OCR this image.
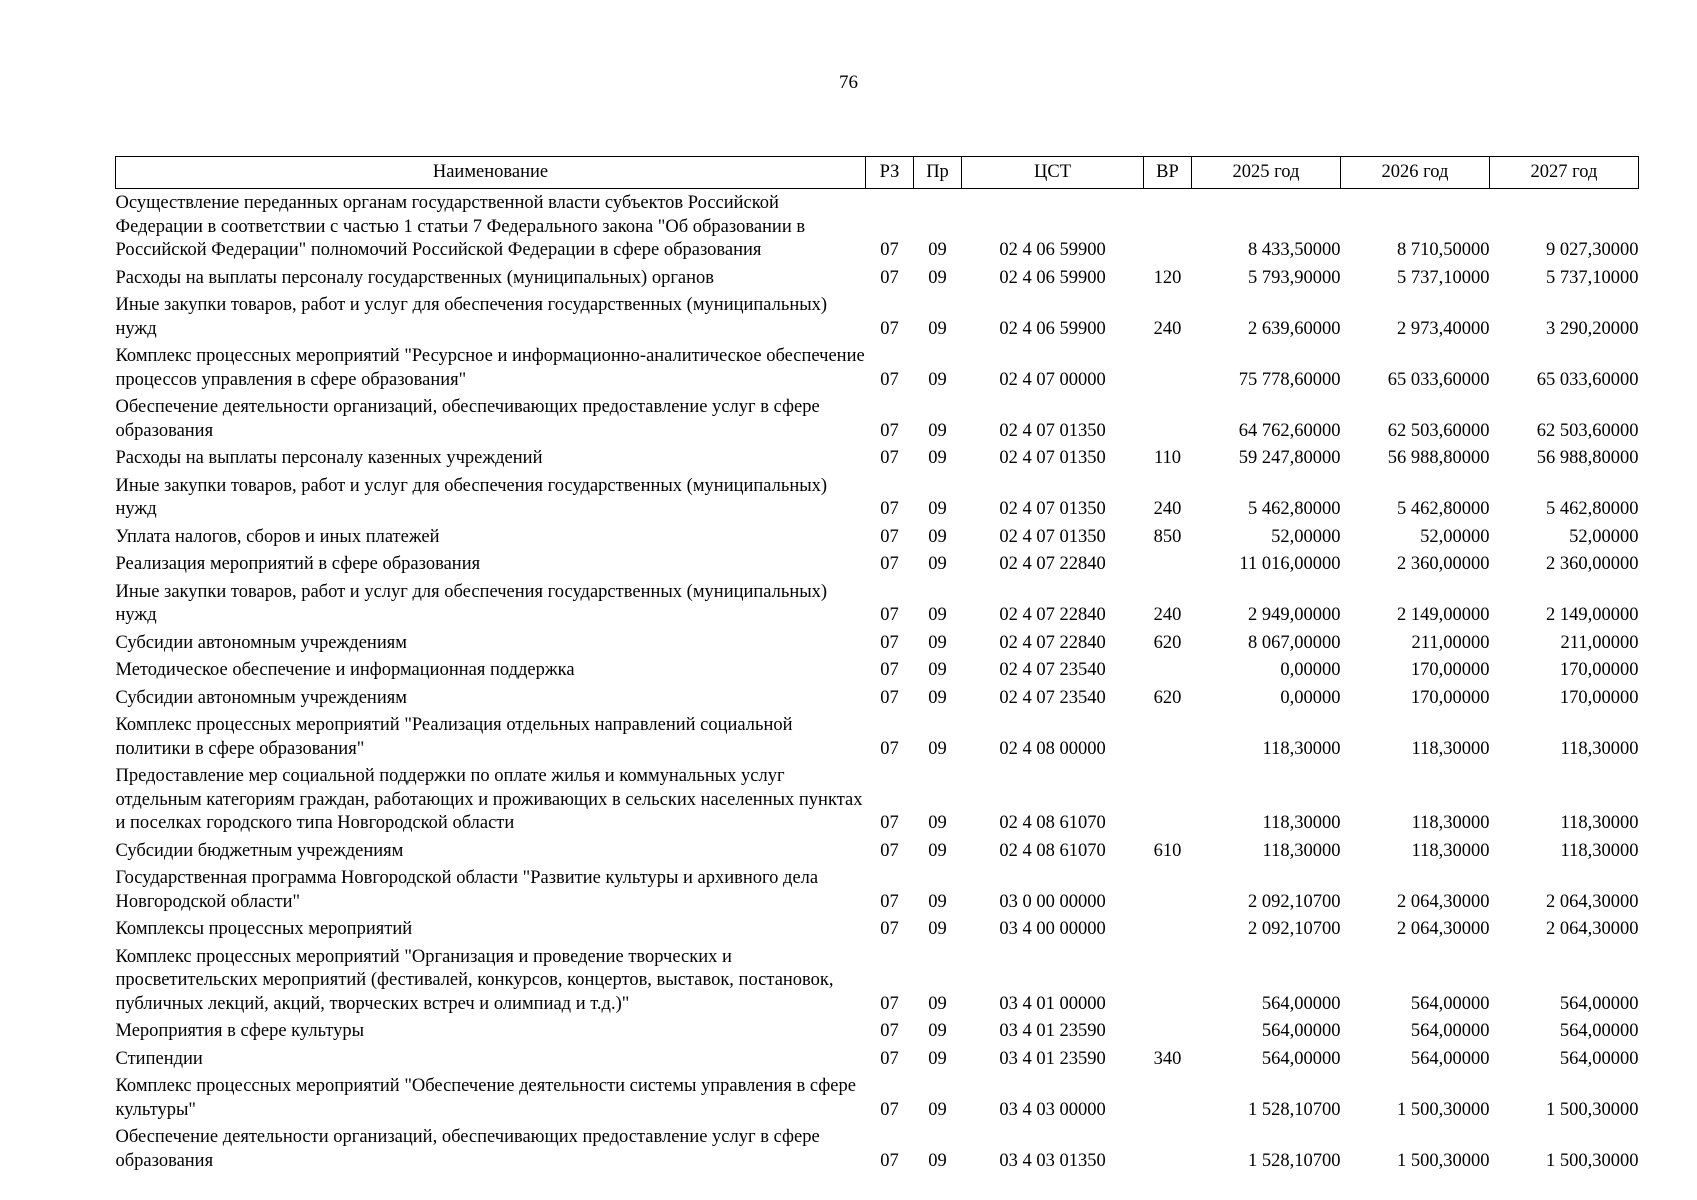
76
Наименование	РЗ	Пр	ЦСТ	ВР	2025 год	2026 год	2027 год
Осуществление переданных органам государственной власти субъектов Российской Федерации в соответствии с частью 1 статьи 7 Федерального закона "Об образовании в Российской Федерации" полномочий Российской Федерации в сфере образования	07	09	02 4 06 59900		8 433,50000	8 710,50000	9 027,30000
Расходы на выплаты персоналу государственных (муниципальных) органов	07	09	02 4 06 59900	120	5 793,90000	5 737,10000	5 737,10000
Иные закупки товаров, работ и услуг для обеспечения государственных (муниципальных) нужд	07	09	02 4 06 59900	240	2 639,60000	2 973,40000	3 290,20000
Комплекс процессных мероприятий "Ресурсное и информационно-аналитическое обеспечение процессов управления в сфере образования"	07	09	02 4 07 00000		75 778,60000	65 033,60000	65 033,60000
Обеспечение деятельности организаций, обеспечивающих предоставление услуг в сфере образования	07	09	02 4 07 01350		64 762,60000	62 503,60000	62 503,60000
Расходы на выплаты персоналу казенных учреждений	07	09	02 4 07 01350	110	59 247,80000	56 988,80000	56 988,80000
Иные закупки товаров, работ и услуг для обеспечения государственных (муниципальных) нужд	07	09	02 4 07 01350	240	5 462,80000	5 462,80000	5 462,80000
Уплата налогов, сборов и иных платежей	07	09	02 4 07 01350	850	52,00000	52,00000	52,00000
Реализация мероприятий в сфере образования	07	09	02 4 07 22840		11 016,00000	2 360,00000	2 360,00000
Иные закупки товаров, работ и услуг для обеспечения государственных (муниципальных) нужд	07	09	02 4 07 22840	240	2 949,00000	2 149,00000	2 149,00000
Субсидии автономным учреждениям	07	09	02 4 07 22840	620	8 067,00000	211,00000	211,00000
Методическое обеспечение и информационная поддержка	07	09	02 4 07 23540		0,00000	170,00000	170,00000
Субсидии автономным учреждениям	07	09	02 4 07 23540	620	0,00000	170,00000	170,00000
Комплекс процессных мероприятий "Реализация отдельных направлений социальной политики в сфере образования"	07	09	02 4 08 00000		118,30000	118,30000	118,30000
Предоставление мер социальной поддержки по оплате жилья и коммунальных услуг отдельным категориям граждан, работающих и проживающих в сельских населенных пунктах и поселках городского типа Новгородской области	07	09	02 4 08 61070		118,30000	118,30000	118,30000
Субсидии бюджетным учреждениям	07	09	02 4 08 61070	610	118,30000	118,30000	118,30000
Государственная программа Новгородской области "Развитие культуры и архивного дела Новгородской области"	07	09	03 0 00 00000		2 092,10700	2 064,30000	2 064,30000
Комплексы процессных мероприятий	07	09	03 4 00 00000		2 092,10700	2 064,30000	2 064,30000
Комплекс процессных мероприятий "Организация и проведение творческих и просветительских мероприятий (фестивалей, конкурсов, концертов, выставок, постановок, публичных лекций, акций, творческих встреч и олимпиад и т.д.)"	07	09	03 4 01 00000		564,00000	564,00000	564,00000
Мероприятия в сфере культуры	07	09	03 4 01 23590		564,00000	564,00000	564,00000
Стипендии	07	09	03 4 01 23590	340	564,00000	564,00000	564,00000
Комплекс процессных мероприятий "Обеспечение деятельности системы управления в сфере культуры"	07	09	03 4 03 00000		1 528,10700	1 500,30000	1 500,30000
Обеспечение деятельности организаций, обеспечивающих предоставление услуг в сфере образования	07	09	03 4 03 01350		1 528,10700	1 500,30000	1 500,30000
